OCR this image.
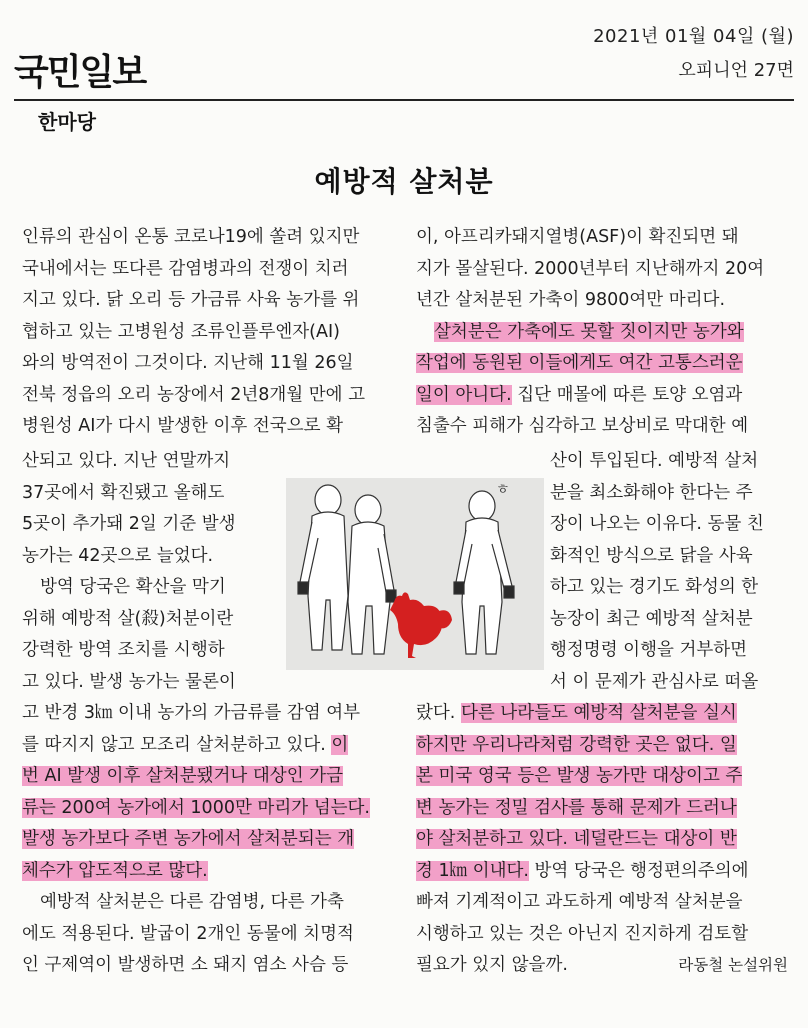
국민일보
2021년 01월 04일 (월)
오피니언 27면
한마당
예방적 살처분
인류의 관심이 온통 코로나19에 쏠려 있지만
국내에서는 또다른 감염병과의 전쟁이 치러
지고 있다. 닭 오리 등 가금류 사육 농가를 위
협하고 있는 고병원성 조류인플루엔자(AI)
와의 방역전이 그것이다. 지난해 11월 26일
전북 정읍의 오리 농장에서 2년8개월 만에 고
병원성 AI가 다시 발생한 이후 전국으로 확
산되고 있다. 지난 연말까지
37곳에서 확진됐고 올해도
5곳이 추가돼 2일 기준 발생
농가는 42곳으로 늘었다.
방역 당국은 확산을 막기
위해 예방적 살(殺)처분이란
강력한 방역 조치를 시행하
고 있다. 발생 농가는 물론이
고 반경 3㎞ 이내 농가의 가금류를 감염 여부
를 따지지 않고 모조리 살처분하고 있다. 이
번 AI 발생 이후 살처분됐거나 대상인 가금
류는 200여 농가에서 1000만 마리가 넘는다.
발생 농가보다 주변 농가에서 살처분되는 개
체수가 압도적으로 많다.
예방적 살처분은 다른 감염병, 다른 가축
에도 적용된다. 발굽이 2개인 동물에 치명적
인 구제역이 발생하면 소 돼지 염소 사슴 등
이, 아프리카돼지열병(ASF)이 확진되면 돼
지가 몰살된다. 2000년부터 지난해까지 20여
년간 살처분된 가축이 9800여만 마리다.
살처분은 가축에도 못할 짓이지만 농가와
작업에 동원된 이들에게도 여간 고통스러운
일이 아니다. 집단 매몰에 따른 토양 오염과
침출수 피해가 심각하고 보상비로 막대한 예
산이 투입된다. 예방적 살처
분을 최소화해야 한다는 주
장이 나오는 이유다. 동물 친
화적인 방식으로 닭을 사육
하고 있는 경기도 화성의 한
농장이 최근 예방적 살처분
행정명령 이행을 거부하면
서 이 문제가 관심사로 떠올
랐다. 다른 나라들도 예방적 살처분을 실시
하지만 우리나라처럼 강력한 곳은 없다. 일
본 미국 영국 등은 발생 농가만 대상이고 주
변 농가는 정밀 검사를 통해 문제가 드러나
야 살처분하고 있다. 네덜란드는 대상이 반
경 1㎞ 이내다. 방역 당국은 행정편의주의에
빠져 기계적이고 과도하게 예방적 살처분을
시행하고 있는 것은 아닌지 진지하게 검토할
필요가 있지 않을까.	라동철 논설위원
ㅎ
